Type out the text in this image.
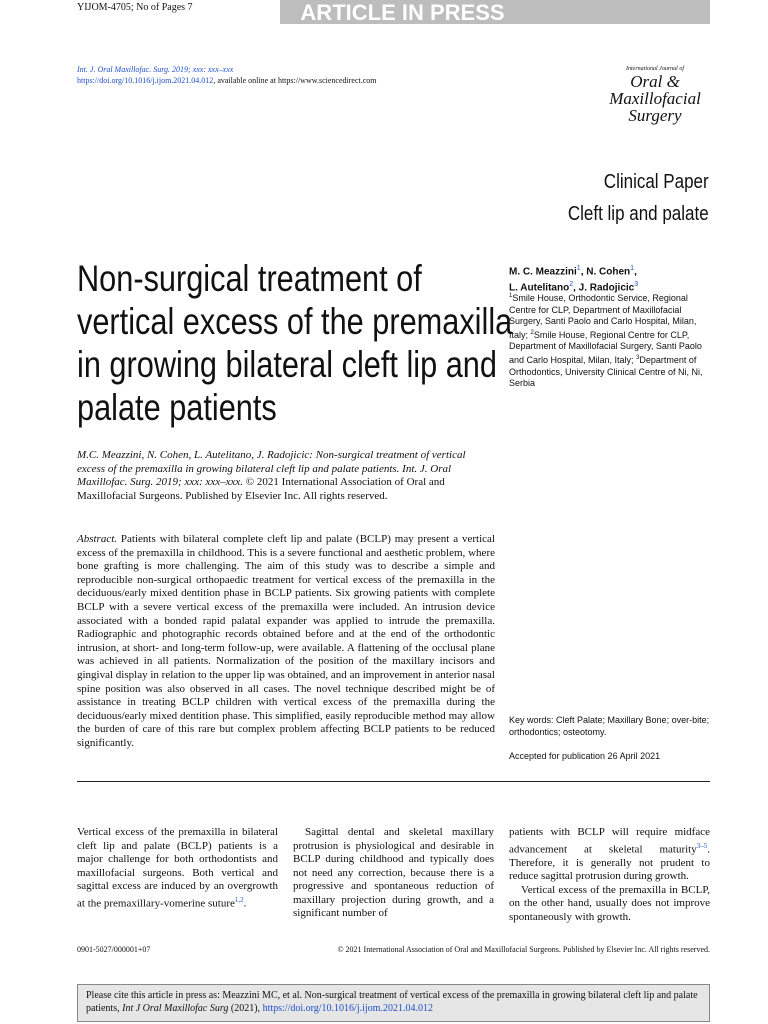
YIJOM-4705; No of Pages 7	ARTICLE IN PRESS
Int. J. Oral Maxillofac. Surg. 2019; xxx: xxx–xxx
https://doi.org/10.1016/j.ijom.2021.04.012, available online at https://www.sciencedirect.com
International Journal of
Oral &
Maxillofacial
Surgery
Clinical Paper
Cleft lip and palate
Non-surgical treatment of vertical excess of the premaxilla in growing bilateral cleft lip and palate patients
M. C. Meazzini$^1$, N. Cohen$^1$,
L. Autelitano$^2$, J. Radojicic$^3$
$^1$Smile House, Orthodontic Service, Regional Centre for CLP, Department of Maxillofacial Surgery, Santi Paolo and Carlo Hospital, Milan, Italy; $^2$Smile House, Regional Centre for CLP, Department of Maxillofacial Surgery, Santi Paolo and Carlo Hospital, Milan, Italy; $^3$Department of Orthodontics, University Clinical Centre of Ni, Ni, Serbia
M.C. Meazzini, N. Cohen, L. Autelitano, J. Radojicic: Non-surgical treatment of vertical excess of the premaxilla in growing bilateral cleft lip and palate patients. Int. J. Oral Maxillofac. Surg. 2019; xxx: xxx–xxx. © 2021 International Association of Oral and Maxillofacial Surgeons. Published by Elsevier Inc. All rights reserved.
Abstract. Patients with bilateral complete cleft lip and palate (BCLP) may present a vertical excess of the premaxilla in childhood. This is a severe functional and aesthetic problem, where bone grafting is more challenging. The aim of this study was to describe a simple and reproducible non-surgical orthopaedic treatment for vertical excess of the premaxilla in the deciduous/early mixed dentition phase in BCLP patients. Six growing patients with complete BCLP with a severe vertical excess of the premaxilla were included. An intrusion device associated with a bonded rapid palatal expander was applied to intrude the premaxilla. Radiographic and photographic records obtained before and at the end of the orthodontic intrusion, at short- and long-term follow-up, were available. A flattening of the occlusal plane was achieved in all patients. Normalization of the position of the maxillary incisors and gingival display in relation to the upper lip was obtained, and an improvement in anterior nasal spine position was also observed in all cases. The novel technique described might be of assistance in treating BCLP children with vertical excess of the premaxilla during the deciduous/early mixed dentition phase. This simplified, easily reproducible method may allow the burden of care of this rare but complex problem affecting BCLP patients to be reduced significantly.
Key words: Cleft Palate; Maxillary Bone; over-bite; orthodontics; osteotomy.
Accepted for publication 26 April 2021
Vertical excess of the premaxilla in bilateral cleft lip and palate (BCLP) patients is a major challenge for both orthodontists and maxillofacial surgeons. Both vertical and sagittal excess are induced by an overgrowth at the premaxillary-vomerine suture$^{1,2}$.
Sagittal dental and skeletal maxillary protrusion is physiological and desirable in BCLP during childhood and typically does not need any correction, because there is a progressive and spontaneous reduction of maxillary projection during growth, and a significant number of
patients with BCLP will require midface advancement at skeletal maturity$^{3-5}$. Therefore, it is generally not prudent to reduce sagittal protrusion during growth.
Vertical excess of the premaxilla in BCLP, on the other hand, usually does not improve spontaneously with growth.
0901-5027/000001+07	© 2021 International Association of Oral and Maxillofacial Surgeons. Published by Elsevier Inc. All rights reserved.
Please cite this article in press as: Meazzini MC, et al. Non-surgical treatment of vertical excess of the premaxilla in growing bilateral cleft lip and palate patients, Int J Oral Maxillofac Surg (2021), https://doi.org/10.1016/j.ijom.2021.04.012
